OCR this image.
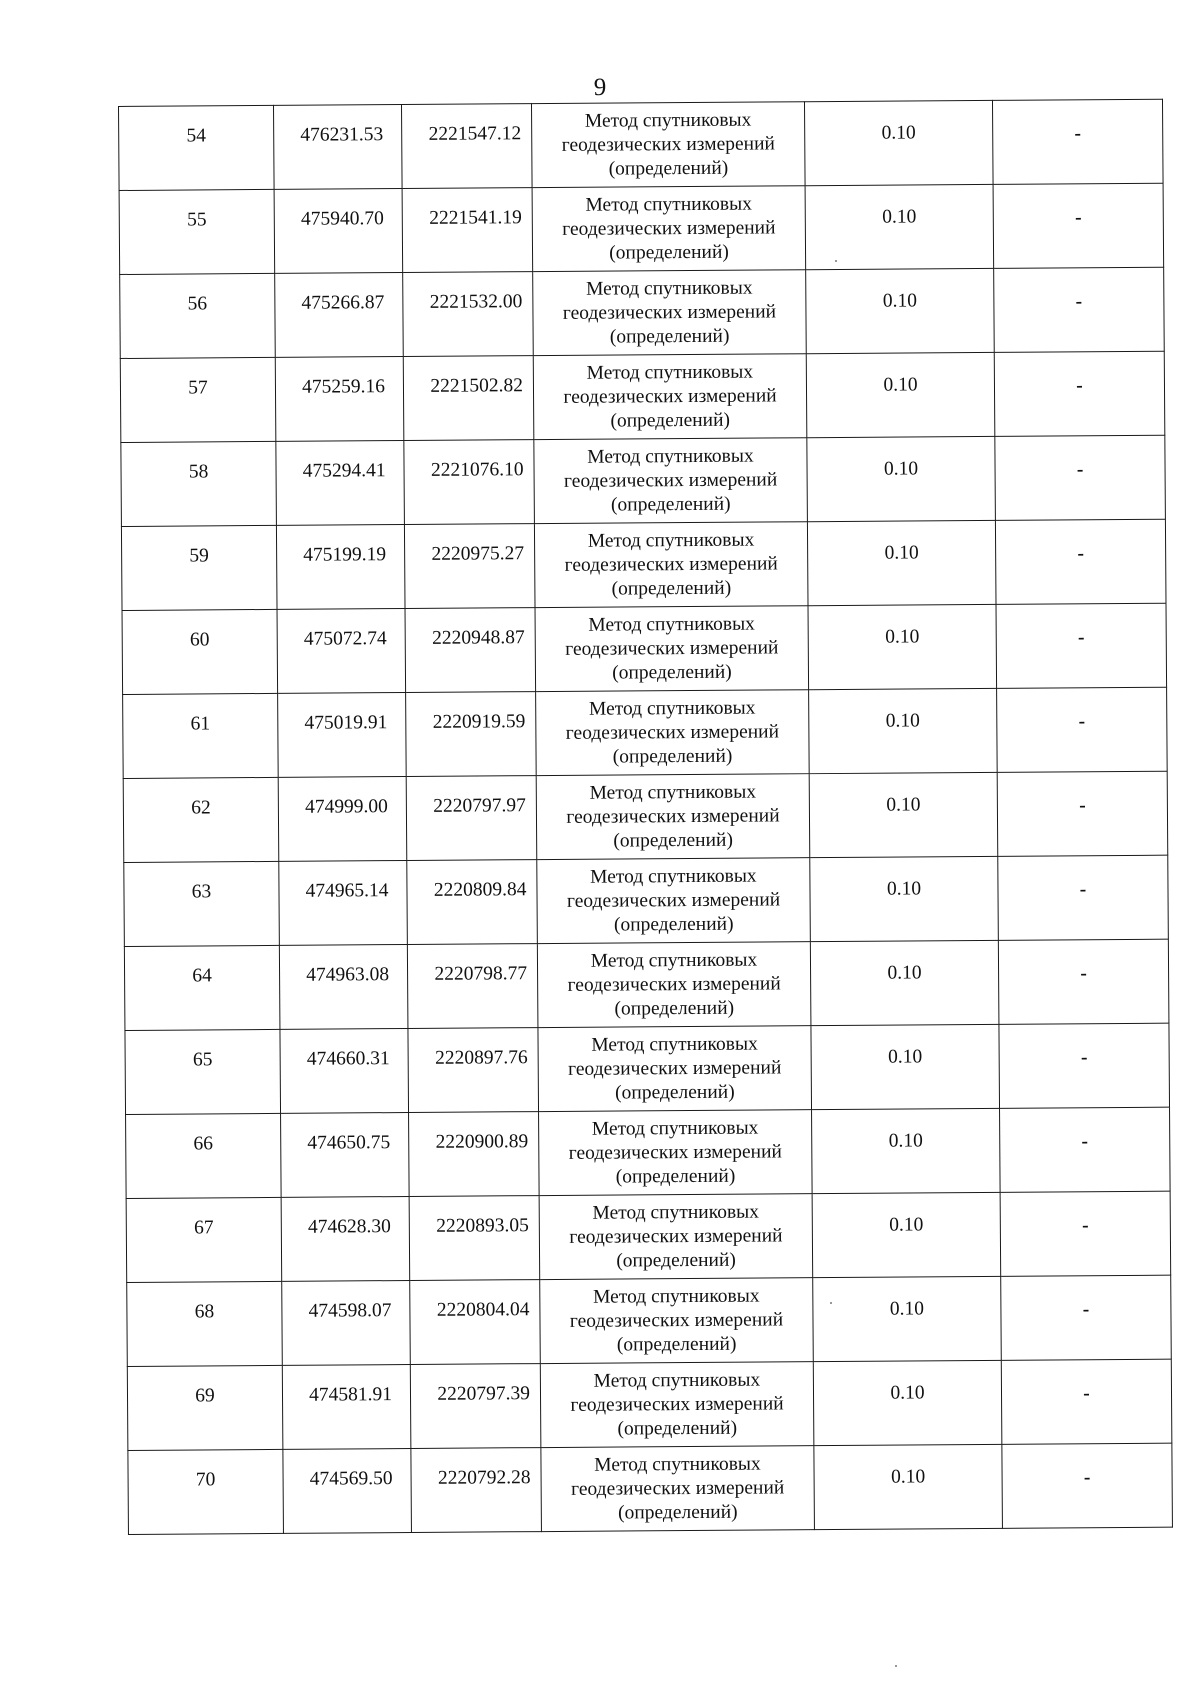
9
54	476231.53	2221547.12	Метод спутниковых
геодезических измерений
(определений)	0.10	-
55	475940.70	2221541.19	Метод спутниковых
геодезических измерений
(определений)	0.10	-
56	475266.87	2221532.00	Метод спутниковых
геодезических измерений
(определений)	0.10	-
57	475259.16	2221502.82	Метод спутниковых
геодезических измерений
(определений)	0.10	-
58	475294.41	2221076.10	Метод спутниковых
геодезических измерений
(определений)	0.10	-
59	475199.19	2220975.27	Метод спутниковых
геодезических измерений
(определений)	0.10	-
60	475072.74	2220948.87	Метод спутниковых
геодезических измерений
(определений)	0.10	-
61	475019.91	2220919.59	Метод спутниковых
геодезических измерений
(определений)	0.10	-
62	474999.00	2220797.97	Метод спутниковых
геодезических измерений
(определений)	0.10	-
63	474965.14	2220809.84	Метод спутниковых
геодезических измерений
(определений)	0.10	-
64	474963.08	2220798.77	Метод спутниковых
геодезических измерений
(определений)	0.10	-
65	474660.31	2220897.76	Метод спутниковых
геодезических измерений
(определений)	0.10	-
66	474650.75	2220900.89	Метод спутниковых
геодезических измерений
(определений)	0.10	-
67	474628.30	2220893.05	Метод спутниковых
геодезических измерений
(определений)	0.10	-
68	474598.07	2220804.04	Метод спутниковых
геодезических измерений
(определений)	0.10	-
69	474581.91	2220797.39	Метод спутниковых
геодезических измерений
(определений)	0.10	-
70	474569.50	2220792.28	Метод спутниковых
геодезических измерений
(определений)	0.10	-
